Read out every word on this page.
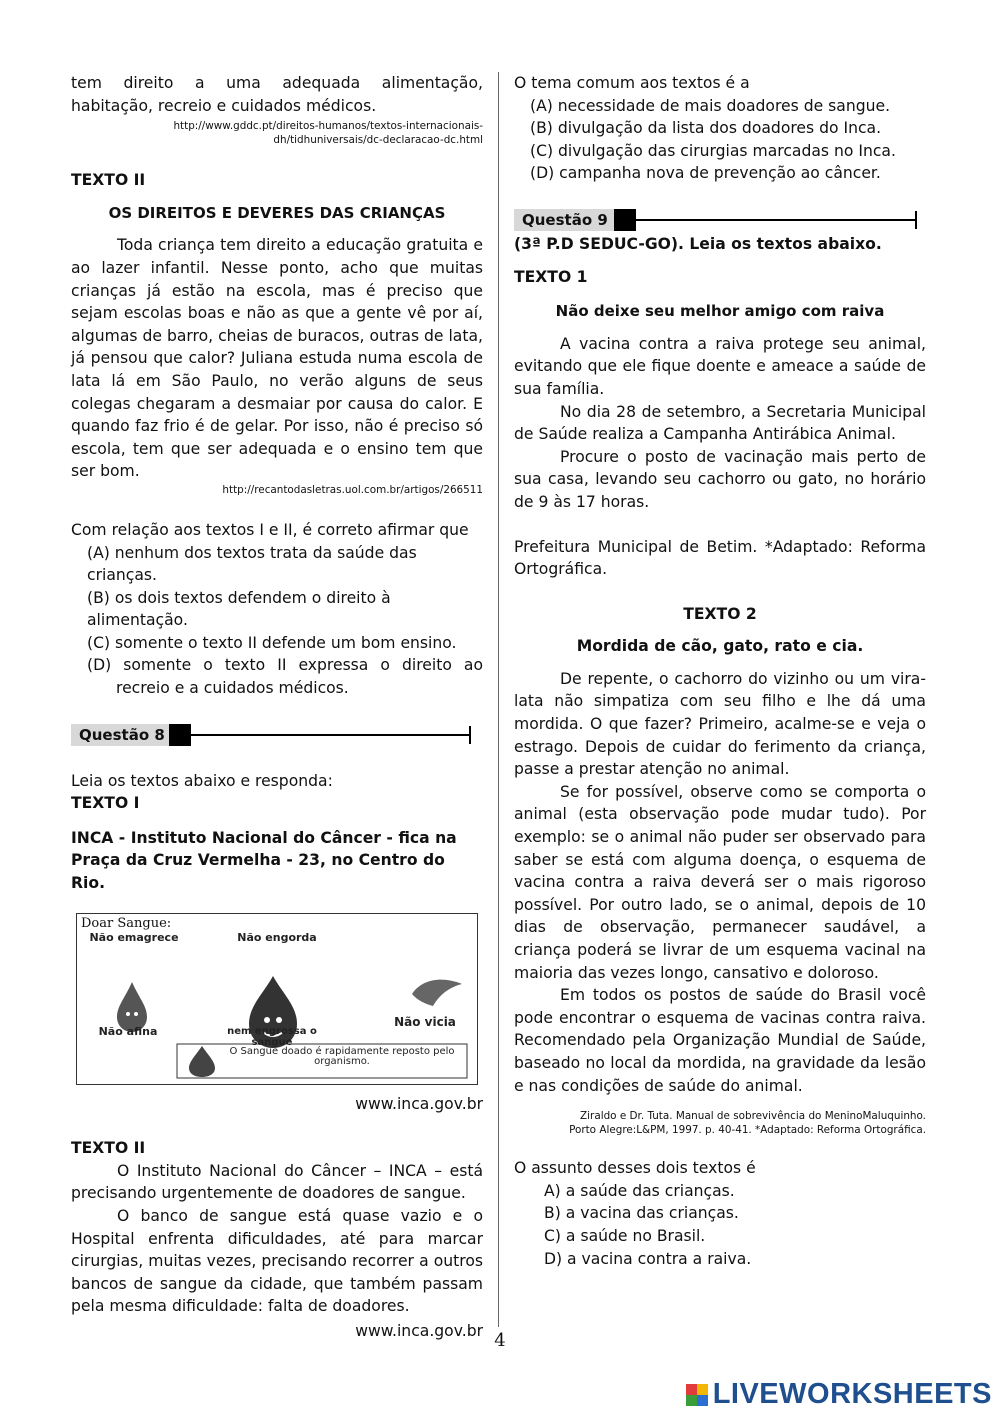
tem direito a uma adequada alimentação, habitação, recreio e cuidados médicos.

http://www.gddc.pt/direitos-humanos/textos-internacionais-dh/tidhuniversais/dc-declaracao-dc.html

TEXTO II

OS DIREITOS E DEVERES DAS CRIANÇAS

Toda criança tem direito a educação gratuita e ao lazer infantil. Nesse ponto, acho que muitas crianças já estão na escola, mas é preciso que sejam escolas boas e não as que a gente vê por aí, algumas de barro, cheias de buracos, outras de lata, já pensou que calor? Juliana estuda numa escola de lata lá em São Paulo, no verão alguns de seus colegas chegaram a desmaiar por causa do calor. E quando faz frio é de gelar. Por isso, não é preciso só escola, tem que ser adequada e o ensino tem que ser bom.

http://recantodasletras.uol.com.br/artigos/266511

Com relação aos textos I e II, é correto afirmar que

(A) nenhum dos textos trata da saúde das crianças.

(B) os dois textos defendem o direito à alimentação.

(C) somente o texto II defende um bom ensino.

(D) somente o texto II expressa o direito ao recreio e a cuidados médicos.

Questão 8

Leia os textos abaixo e responda:

TEXTO I

INCA - Instituto Nacional do Câncer - fica na Praça da Cruz Vermelha - 23, no Centro do Rio.

Doar Sangue:
Não emagrece	Não engorda
Não afina	nem engrossa o sangue
Não vicia
O Sangue doado é rapidamente reposto pelo organismo.

www.inca.gov.br

TEXTO II

O Instituto Nacional do Câncer – INCA – está precisando urgentemente de doadores de sangue.

O banco de sangue está quase vazio e o Hospital enfrenta dificuldades, até para marcar cirurgias, muitas vezes, precisando recorrer a outros bancos de sangue da cidade, que também passam pela mesma dificuldade: falta de doadores.

www.inca.gov.br

O tema comum aos textos é a

(A) necessidade de mais doadores de sangue.

(B) divulgação da lista dos doadores do Inca.

(C) divulgação das cirurgias marcadas no Inca.

(D) campanha nova de prevenção ao câncer.

Questão 9

(3ª P.D SEDUC-GO). Leia os textos abaixo.

TEXTO 1

Não deixe seu melhor amigo com raiva

A vacina contra a raiva protege seu animal, evitando que ele fique doente e ameace a saúde de sua família.

No dia 28 de setembro, a Secretaria Municipal de Saúde realiza a Campanha Antirábica Animal.

Procure o posto de vacinação mais perto de sua casa, levando seu cachorro ou gato, no horário de 9 às 17 horas.

Prefeitura Municipal de Betim. *Adaptado: Reforma Ortográfica.

TEXTO 2

Mordida de cão, gato, rato e cia.

De repente, o cachorro do vizinho ou um vira-lata não simpatiza com seu filho e lhe dá uma mordida. O que fazer? Primeiro, acalme-se e veja o estrago. Depois de cuidar do ferimento da criança, passe a prestar atenção no animal.

Se for possível, observe como se comporta o animal (esta observação pode mudar tudo). Por exemplo: se o animal não puder ser observado para saber se está com alguma doença, o esquema de vacina contra a raiva deverá ser o mais rigoroso possível. Por outro lado, se o animal, depois de 10 dias de observação, permanecer saudável, a criança poderá se livrar de um esquema vacinal na maioria das vezes longo, cansativo e doloroso.

Em todos os postos de saúde do Brasil você pode encontrar o esquema de vacinas contra raiva. Recomendado pela Organização Mundial de Saúde, baseado no local da mordida, na gravidade da lesão e nas condições de saúde do animal.

Ziraldo e Dr. Tuta. Manual de sobrevivência do MeninoMaluquinho.

Porto Alegre:L&PM, 1997. p. 40-41. *Adaptado: Reforma Ortográfica.

O assunto desses dois textos é

A) a saúde das crianças.

B) a vacina das crianças.

C) a saúde no Brasil.

D) a vacina contra a raiva.

4
LIVEWORKSHEETS
